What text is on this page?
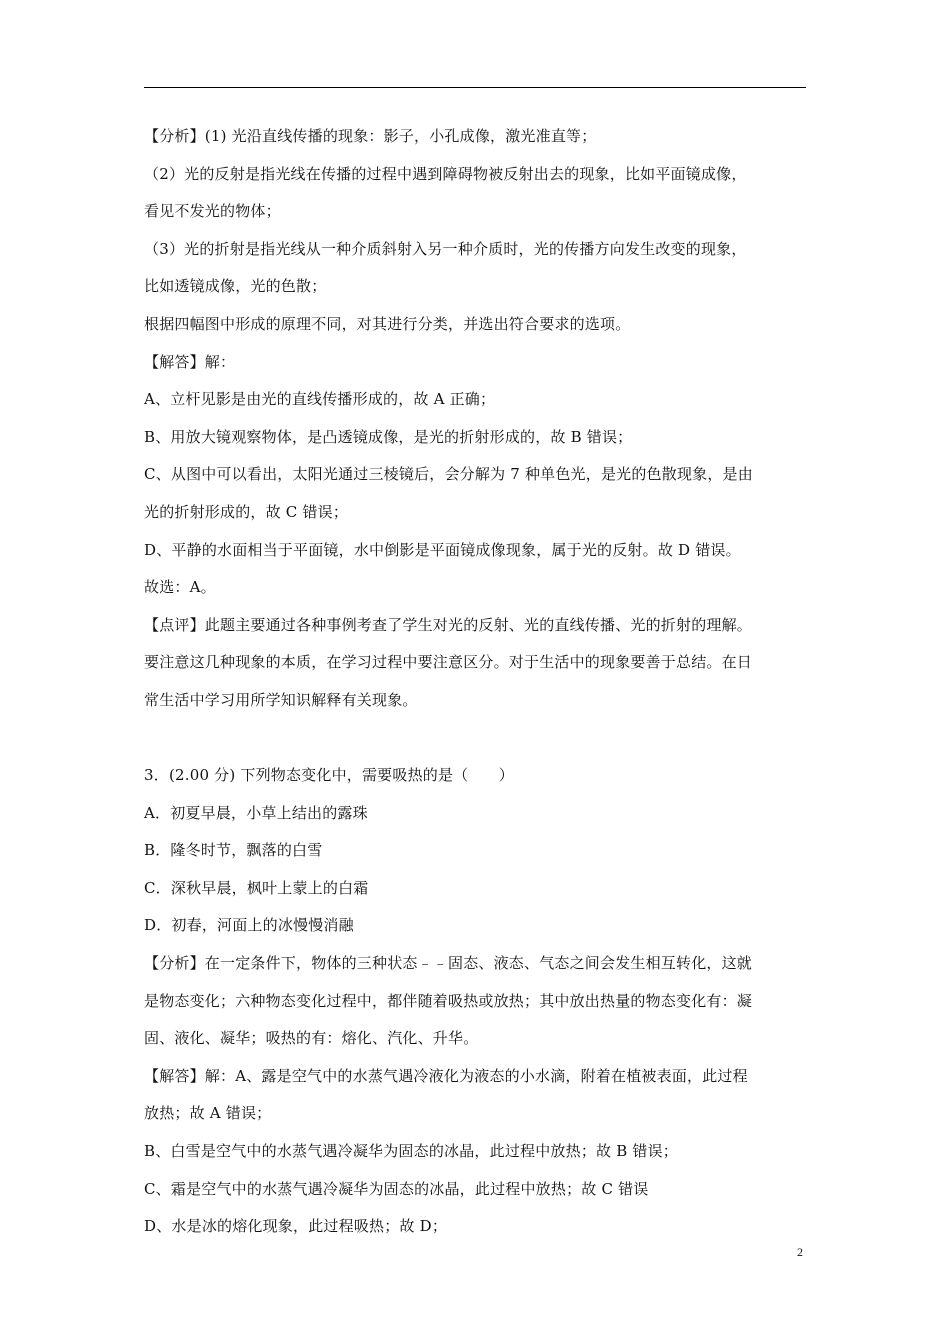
【分析】(1) 光沿直线传播的现象：影子，小孔成像，激光准直等；
（2）光的反射是指光线在传播的过程中遇到障碍物被反射出去的现象，比如平面镜成像，
看见不发光的物体；
（3）光的折射是指光线从一种介质斜射入另一种介质时，光的传播方向发生改变的现象，
比如透镜成像，光的色散；
根据四幅图中形成的原理不同，对其进行分类，并选出符合要求的选项。
【解答】解：
A、立杆见影是由光的直线传播形成的，故 A 正确；
B、用放大镜观察物体，是凸透镜成像，是光的折射形成的，故 B 错误；
C、从图中可以看出，太阳光通过三棱镜后，会分解为 7 种单色光，是光的色散现象，是由
光的折射形成的，故 C 错误；
D、平静的水面相当于平面镜，水中倒影是平面镜成像现象，属于光的反射。故 D 错误。
故选：A。
【点评】此题主要通过各种事例考查了学生对光的反射、光的直线传播、光的折射的理解。
要注意这几种现象的本质，在学习过程中要注意区分。对于生活中的现象要善于总结。在日
常生活中学习用所学知识解释有关现象。
3．(2.00 分) 下列物态变化中，需要吸热的是（　　）
A．初夏早晨，小草上结出的露珠
B．隆冬时节，飘落的白雪
C．深秋早晨，枫叶上蒙上的白霜
D．初春，河面上的冰慢慢消融
【分析】在一定条件下，物体的三种状态﹣﹣固态、液态、气态之间会发生相互转化，这就
是物态变化；六种物态变化过程中，都伴随着吸热或放热；其中放出热量的物态变化有：凝
固、液化、凝华；吸热的有：熔化、汽化、升华。
【解答】解：A、露是空气中的水蒸气遇冷液化为液态的小水滴，附着在植被表面，此过程
放热；故 A 错误；
B、白雪是空气中的水蒸气遇冷凝华为固态的冰晶，此过程中放热；故 B 错误；
C、霜是空气中的水蒸气遇冷凝华为固态的冰晶，此过程中放热；故 C 错误
D、水是冰的熔化现象，此过程吸热；故 D；
2
